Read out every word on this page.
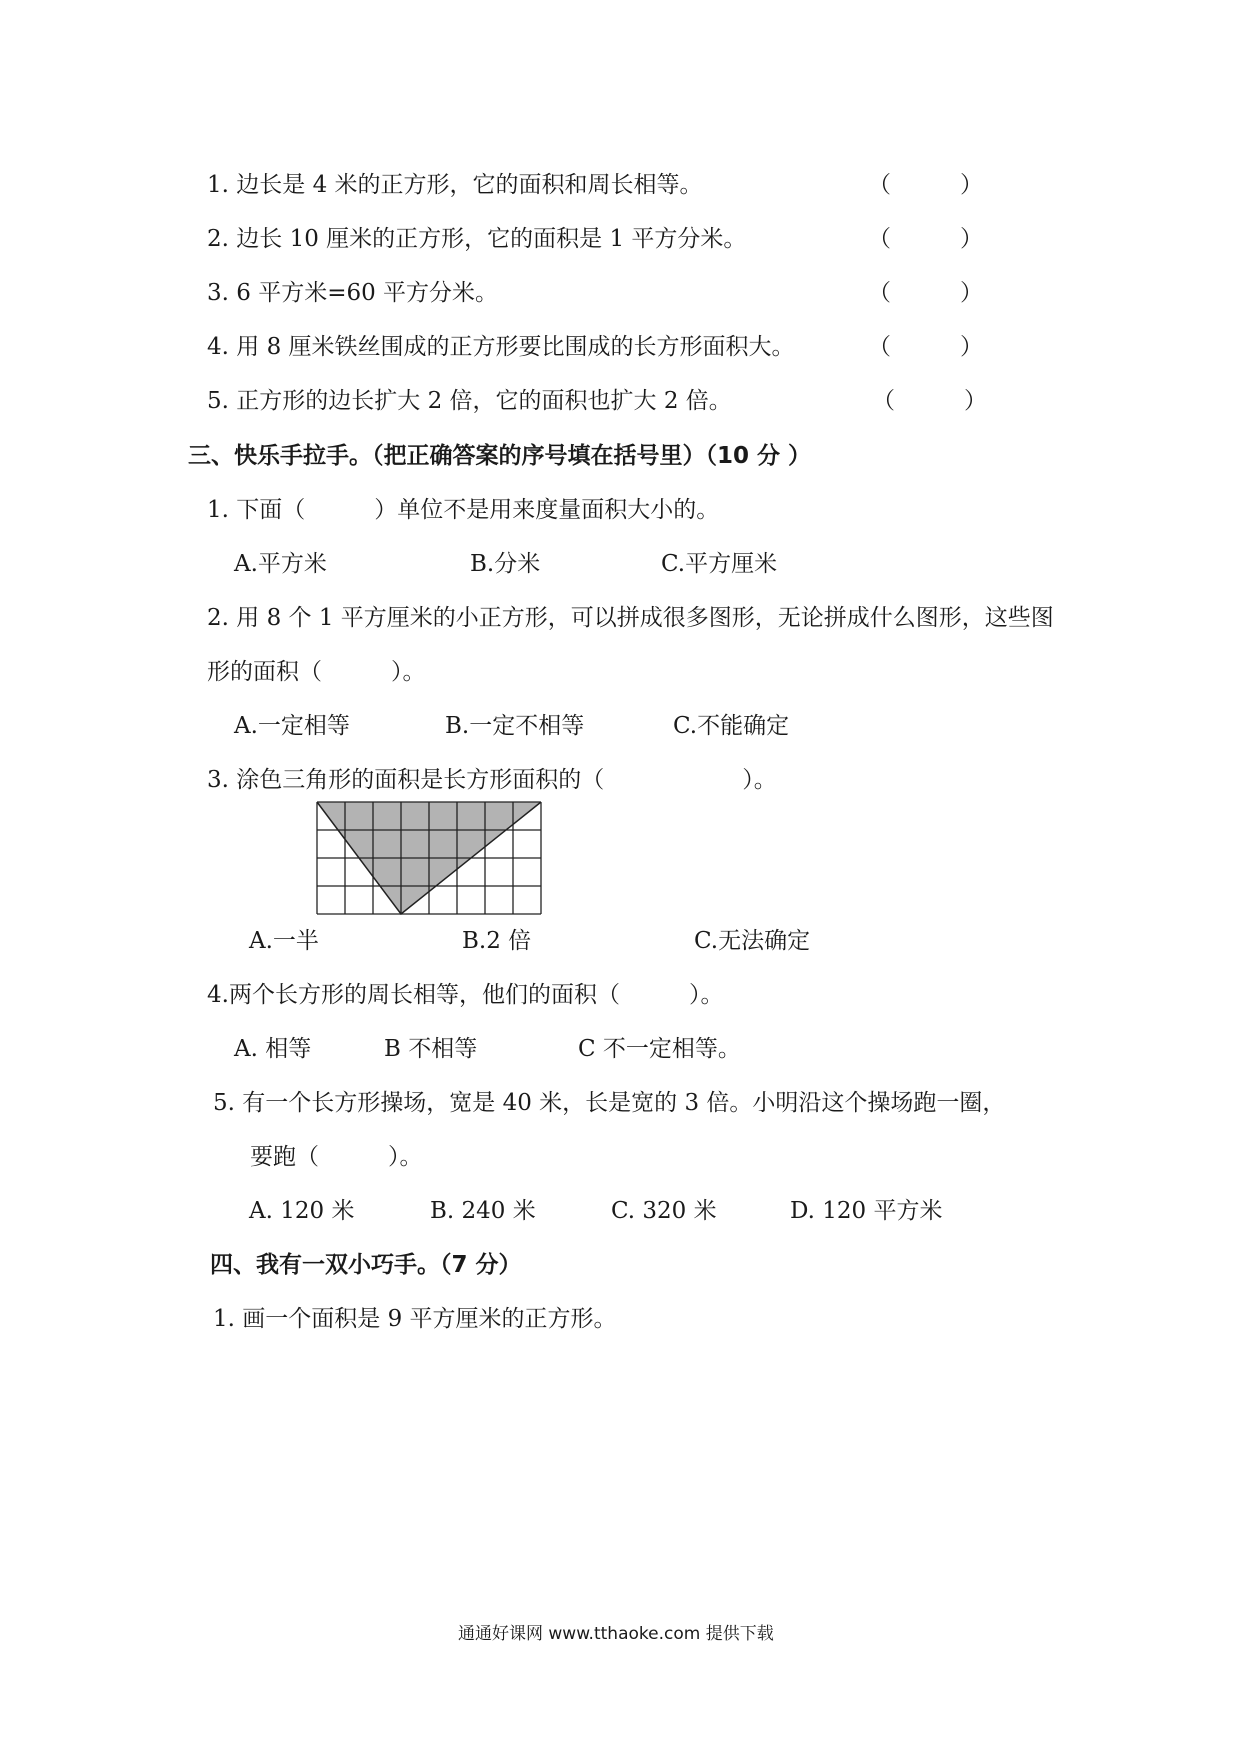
1. 边长是 4 米的正方形，它的面积和周长相等。	（　　　）
2. 边长 10 厘米的正方形，它的面积是 1 平方分米。	（　　　）
3. 6 平方米=60 平方分米。	（　　　）
4. 用 8 厘米铁丝围成的正方形要比围成的长方形面积大。	（　　　）
5. 正方形的边长扩大 2 倍，它的面积也扩大 2 倍。	（　　　）
三、快乐手拉手。（把正确答案的序号填在括号里）（10 分 ）
1. 下面（　　　）单位不是用来度量面积大小的。
A.平方米	B.分米	C.平方厘米
2. 用 8 个 1 平方厘米的小正方形，可以拼成很多图形，无论拼成什么图形，这些图
形的面积（　　　）。
A.一定相等	B.一定不相等	C.不能确定
3. 涂色三角形的面积是长方形面积的（　　　　　　）。
A.一半	B.2 倍	C.无法确定
4.两个长方形的周长相等，他们的面积（　　　）。
A. 相等	B 不相等	C 不一定相等。
5. 有一个长方形操场，宽是 40 米，长是宽的 3 倍。小明沿这个操场跑一圈，
要跑（　　　）。
A. 120 米	B. 240 米	C. 320 米	D. 120 平方米
四、我有一双小巧手。（7 分）
1. 画一个面积是 9 平方厘米的正方形。
通通好课网 www.tthaoke.com 提供下载
